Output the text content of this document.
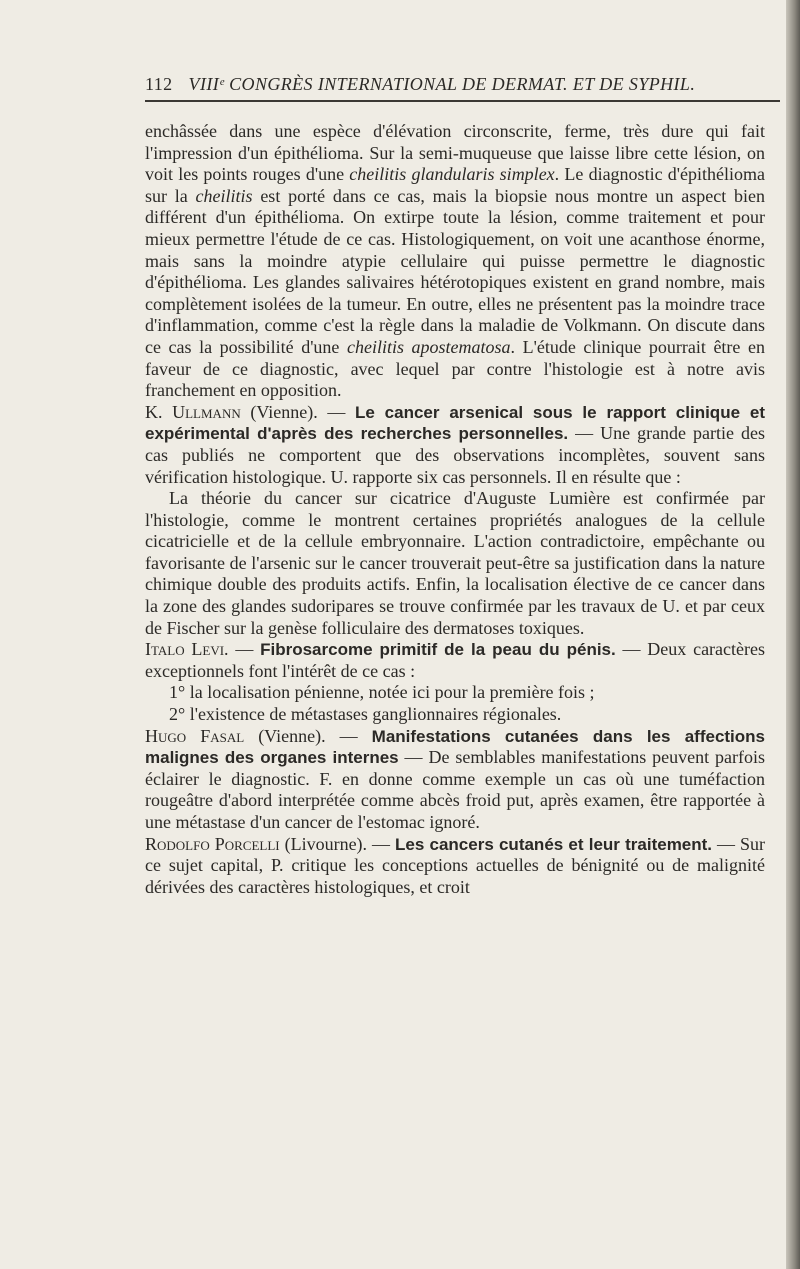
112 VIIIᵉ CONGRÈS INTERNATIONAL DE DERMAT. ET DE SYPHIL.

enchâssée dans une espèce d'élévation circonscrite, ferme, très dure qui fait l'impression d'un épithélioma. Sur la semi-muqueuse que laisse libre cette lésion, on voit les points rouges d'une cheilitis glandularis simplex. Le diagnostic d'épithélioma sur la cheilitis est porté dans ce cas, mais la biopsie nous montre un aspect bien différent d'un épithélioma. On extirpe toute la lésion, comme traitement et pour mieux permettre l'étude de ce cas. Histologiquement, on voit une acanthose énorme, mais sans la moindre atypie cellulaire qui puisse permettre le diagnostic d'épithélioma. Les glandes salivaires hétérotopiques existent en grand nombre, mais complètement isolées de la tumeur. En outre, elles ne présentent pas la moindre trace d'inflammation, comme c'est la règle dans la maladie de Volkmann. On discute dans ce cas la possibilité d'une cheilitis apostematosa. L'étude clinique pourrait être en faveur de ce diagnostic, avec lequel par contre l'histologie est à notre avis franchement en opposition.

K. Ullmann (Vienne). — Le cancer arsenical sous le rapport clinique et expérimental d'après des recherches personnelles. — Une grande partie des cas publiés ne comportent que des observations incomplètes, souvent sans vérification histologique. U. rapporte six cas personnels. Il en résulte que :

La théorie du cancer sur cicatrice d'Auguste Lumière est confirmée par l'histologie, comme le montrent certaines propriétés analogues de la cellule cicatricielle et de la cellule embryonnaire. L'action contradictoire, empêchante ou favorisante de l'arsenic sur le cancer trouverait peut-être sa justification dans la nature chimique double des produits actifs. Enfin, la localisation élective de ce cancer dans la zone des glandes sudoripares se trouve confirmée par les travaux de U. et par ceux de Fischer sur la genèse folliculaire des dermatoses toxiques.

Italo Levi. — Fibrosarcome primitif de la peau du pénis. — Deux caractères exceptionnels font l'intérêt de ce cas :

1° la localisation pénienne, notée ici pour la première fois ;

2° l'existence de métastases ganglionnaires régionales.

Hugo Fasal (Vienne). — Manifestations cutanées dans les affections malignes des organes internes — De semblables manifestations peuvent parfois éclairer le diagnostic. F. en donne comme exemple un cas où une tuméfaction rougeâtre d'abord interprétée comme abcès froid put, après examen, être rapportée à une métastase d'un cancer de l'estomac ignoré.

Rodolfo Porcelli (Livourne). — Les cancers cutanés et leur traitement. — Sur ce sujet capital, P. critique les conceptions actuelles de bénignité ou de malignité dérivées des caractères histologiques, et croit
